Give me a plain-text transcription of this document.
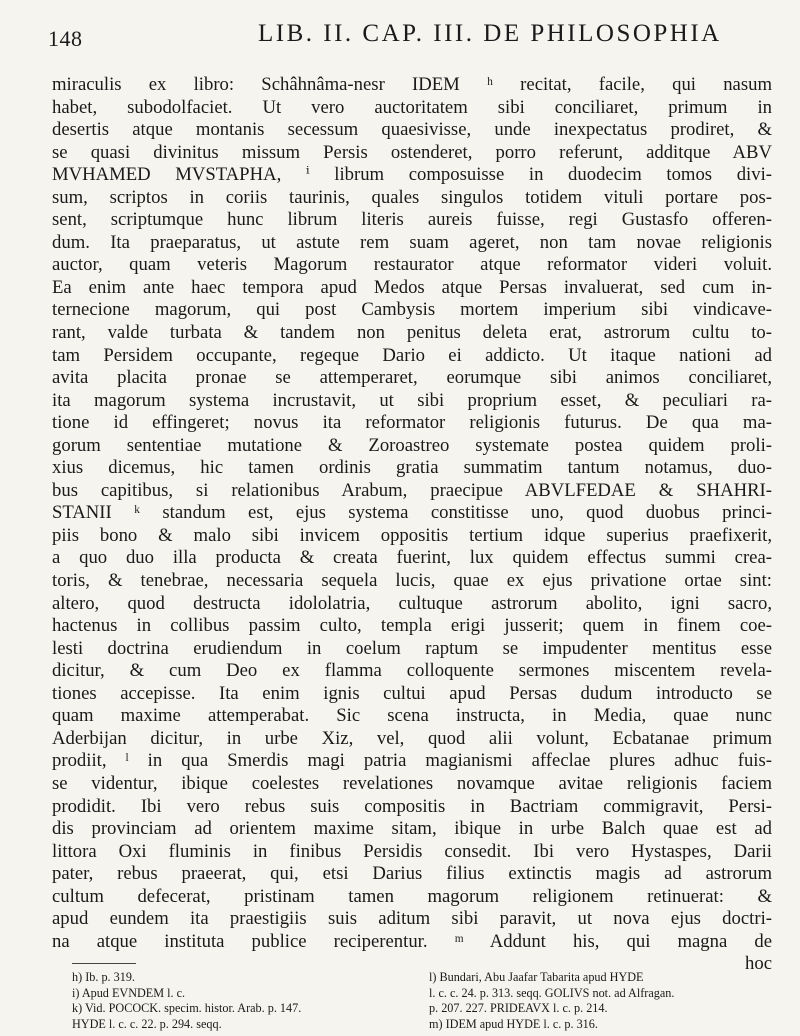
148	LIB. II. CAP. III. DE PHILOSOPHIA
miraculis ex libro: Schâhnâma-nesr IDEM ʰ recitat, facile, qui nasum
habet, subodolfaciet. Ut vero auctoritatem sibi conciliaret, primum in
desertis atque montanis secessum quaesivisse, unde inexpectatus prodiret, &
se quasi divinitus missum Persis ostenderet, porro referunt, additque ABV
MVHAMED MVSTAPHA, ⁱ librum composuisse in duodecim tomos divi-
sum, scriptos in coriis taurinis, quales singulos totidem vituli portare pos-
sent, scriptumque hunc librum literis aureis fuisse, regi Gustasfo offeren-
dum. Ita praeparatus, ut astute rem suam ageret, non tam novae religionis
auctor, quam veteris Magorum restaurator atque reformator videri voluit.
Ea enim ante haec tempora apud Medos atque Persas invaluerat, sed cum in-
ternecione magorum, qui post Cambysis mortem imperium sibi vindicave-
rant, valde turbata & tandem non penitus deleta erat, astrorum cultu to-
tam Persidem occupante, regeque Dario ei addicto. Ut itaque nationi ad
avita placita pronae se attemperaret, eorumque sibi animos conciliaret,
ita magorum systema incrustavit, ut sibi proprium esset, & peculiari ra-
tione id effingeret; novus ita reformator religionis futurus. De qua ma-
gorum sententiae mutatione & Zoroastreo systemate postea quidem proli-
xius dicemus, hic tamen ordinis gratia summatim tantum notamus, duo-
bus capitibus, si relationibus Arabum, praecipue ABVLFEDAE & SHAHRI-
STANII ᵏ standum est, ejus systema constitisse uno, quod duobus princi-
piis bono & malo sibi invicem oppositis tertium idque superius praefixerit,
a quo duo illa producta & creata fuerint, lux quidem effectus summi crea-
toris, & tenebrae, necessaria sequela lucis, quae ex ejus privatione ortae sint:
altero, quod destructa idololatria, cultuque astrorum abolito, igni sacro,
hactenus in collibus passim culto, templa erigi jusserit; quem in finem coe-
lesti doctrina erudiendum in coelum raptum se impudenter mentitus esse
dicitur, & cum Deo ex flamma colloquente sermones miscentem revela-
tiones accepisse. Ita enim ignis cultui apud Persas dudum introducto se
quam maxime attemperabat. Sic scena instructa, in Media, quae nunc
Aderbijan dicitur, in urbe Xiz, vel, quod alii volunt, Ecbatanae primum
prodiit, ˡ in qua Smerdis magi patria magianismi affeclae plures adhuc fuis-
se videntur, ibique coelestes revelationes novamque avitae religionis faciem
prodidit. Ibi vero rebus suis compositis in Bactriam commigravit, Persi-
dis provinciam ad orientem maxime sitam, ibique in urbe Balch quae est ad
littora Oxi fluminis in finibus Persidis consedit. Ibi vero Hystaspes, Darii
pater, rebus praeerat, qui, etsi Darius filius extinctis magis ad astrorum
cultum defecerat, pristinam tamen magorum religionem retinuerat: &
apud eundem ita praestigiis suis aditum sibi paravit, ut nova ejus doctri-
na atque instituta publice reciperentur. ᵐ Addunt his, qui magna de
hoc
h) Ib. p. 319.	l) Bundari, Abu Jaafar Tabarita apud HYDE
i) Apud EVNDEM l. c.	l. c. c. 24. p. 313. seqq. GOLIVS not. ad Alfragan.
k) Vid. POCOCK. specim. histor. Arab. p. 147.	p. 207. 227. PRIDEAVX l. c. p. 214.
HYDE l. c. c. 22. p. 294. seqq.	m) IDEM apud HYDE l. c. p. 316.
